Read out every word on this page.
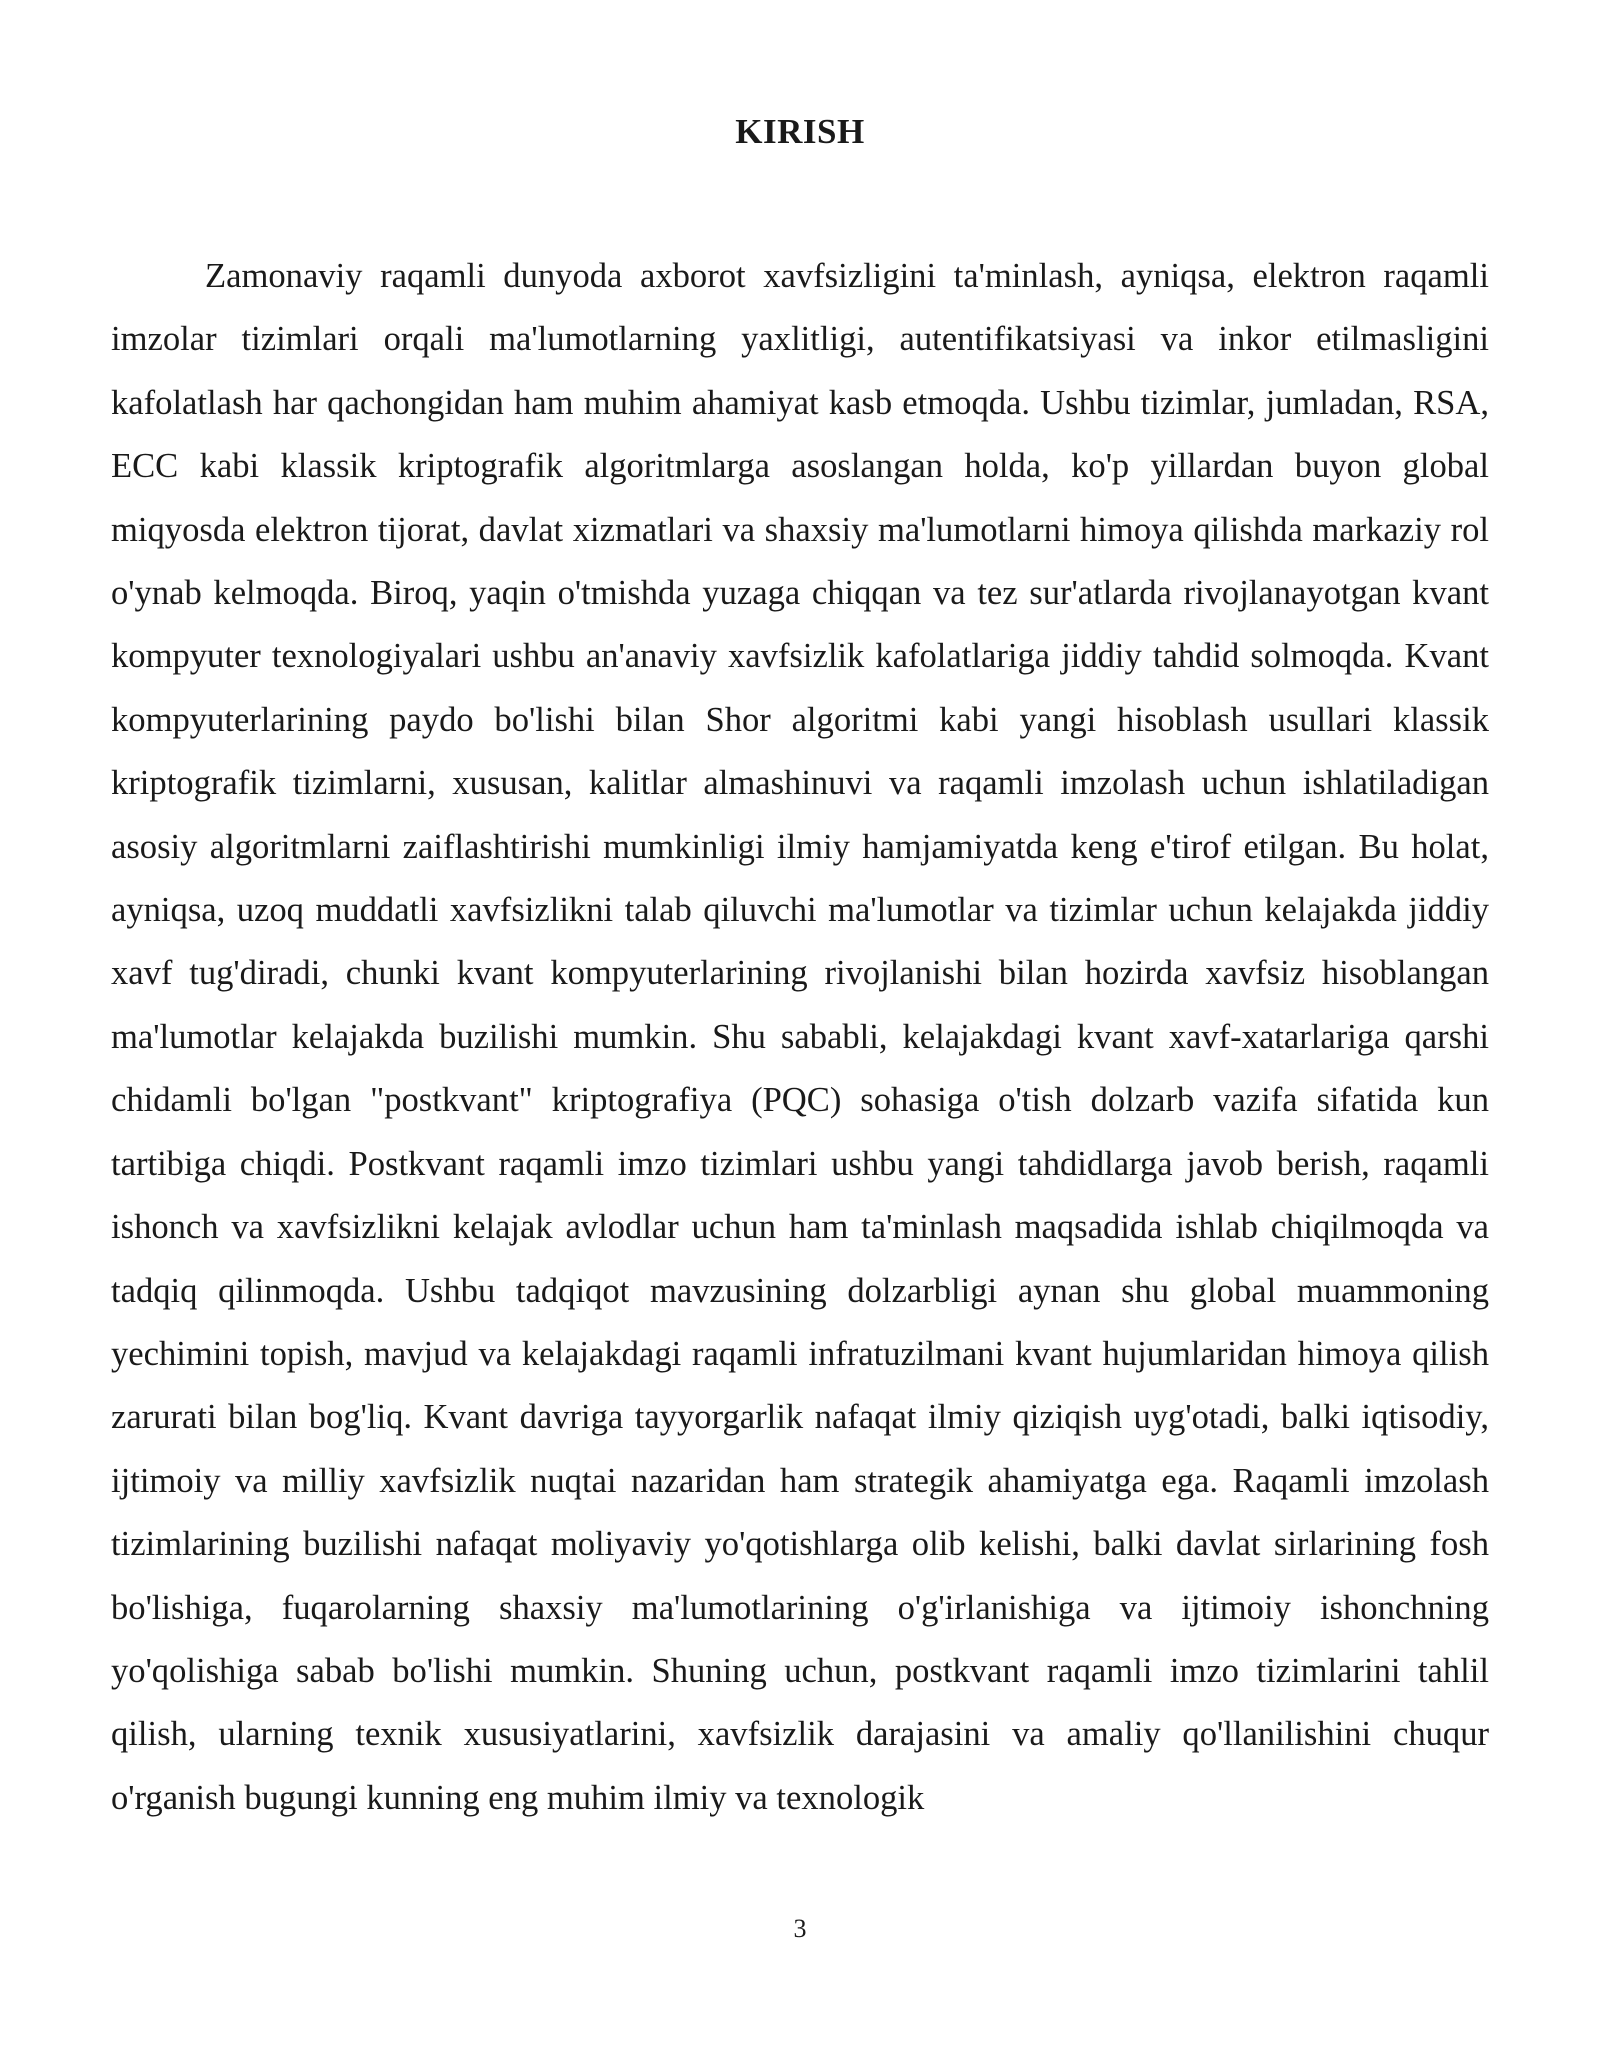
KIRISH

Zamonaviy raqamli dunyoda axborot xavfsizligini ta'minlash, ayniqsa, elektron raqamli imzolar tizimlari orqali ma'lumotlarning yaxlitligi, autentifikatsiyasi va inkor etilmasligini kafolatlash har qachongidan ham muhim ahamiyat kasb etmoqda. Ushbu tizimlar, jumladan, RSA, ECC kabi klassik kriptografik algoritmlarga asoslangan holda, ko'p yillardan buyon global miqyosda elektron tijorat, davlat xizmatlari va shaxsiy ma'lumotlarni himoya qilishda markaziy rol o'ynab kelmoqda. Biroq, yaqin o'tmishda yuzaga chiqqan va tez sur'atlarda rivojlanayotgan kvant kompyuter texnologiyalari ushbu an'anaviy xavfsizlik kafolatlariga jiddiy tahdid solmoqda. Kvant kompyuterlarining paydo bo'lishi bilan Shor algoritmi kabi yangi hisoblash usullari klassik kriptografik tizimlarni, xususan, kalitlar almashinuvi va raqamli imzolash uchun ishlatiladigan asosiy algoritmlarni zaiflashtirishi mumkinligi ilmiy hamjamiyatda keng e'tirof etilgan. Bu holat, ayniqsa, uzoq muddatli xavfsizlikni talab qiluvchi ma'lumotlar va tizimlar uchun kelajakda jiddiy xavf tug'diradi, chunki kvant kompyuterlarining rivojlanishi bilan hozirda xavfsiz hisoblangan ma'lumotlar kelajakda buzilishi mumkin. Shu sababli, kelajakdagi kvant xavf-xatarlariga qarshi chidamli bo'lgan "postkvant" kriptografiya (PQC) sohasiga o'tish dolzarb vazifa sifatida kun tartibiga chiqdi. Postkvant raqamli imzo tizimlari ushbu yangi tahdidlarga javob berish, raqamli ishonch va xavfsizlikni kelajak avlodlar uchun ham ta'minlash maqsadida ishlab chiqilmoqda va tadqiq qilinmoqda. Ushbu tadqiqot mavzusining dolzarbligi aynan shu global muammoning yechimini topish, mavjud va kelajakdagi raqamli infratuzilmani kvant hujumlaridan himoya qilish zarurati bilan bog'liq. Kvant davriga tayyorgarlik nafaqat ilmiy qiziqish uyg'otadi, balki iqtisodiy, ijtimoiy va milliy xavfsizlik nuqtai nazaridan ham strategik ahamiyatga ega. Raqamli imzolash tizimlarining buzilishi nafaqat moliyaviy yo'qotishlarga olib kelishi, balki davlat sirlarining fosh bo'lishiga, fuqarolarning shaxsiy ma'lumotlarining o'g'irlanishiga va ijtimoiy ishonchning yo'qolishiga sabab bo'lishi mumkin. Shuning uchun, postkvant raqamli imzo tizimlarini tahlil qilish, ularning texnik xususiyatlarini, xavfsizlik darajasini va amaliy qo'llanilishini chuqur o'rganish bugungi kunning eng muhim ilmiy va texnologik

3
